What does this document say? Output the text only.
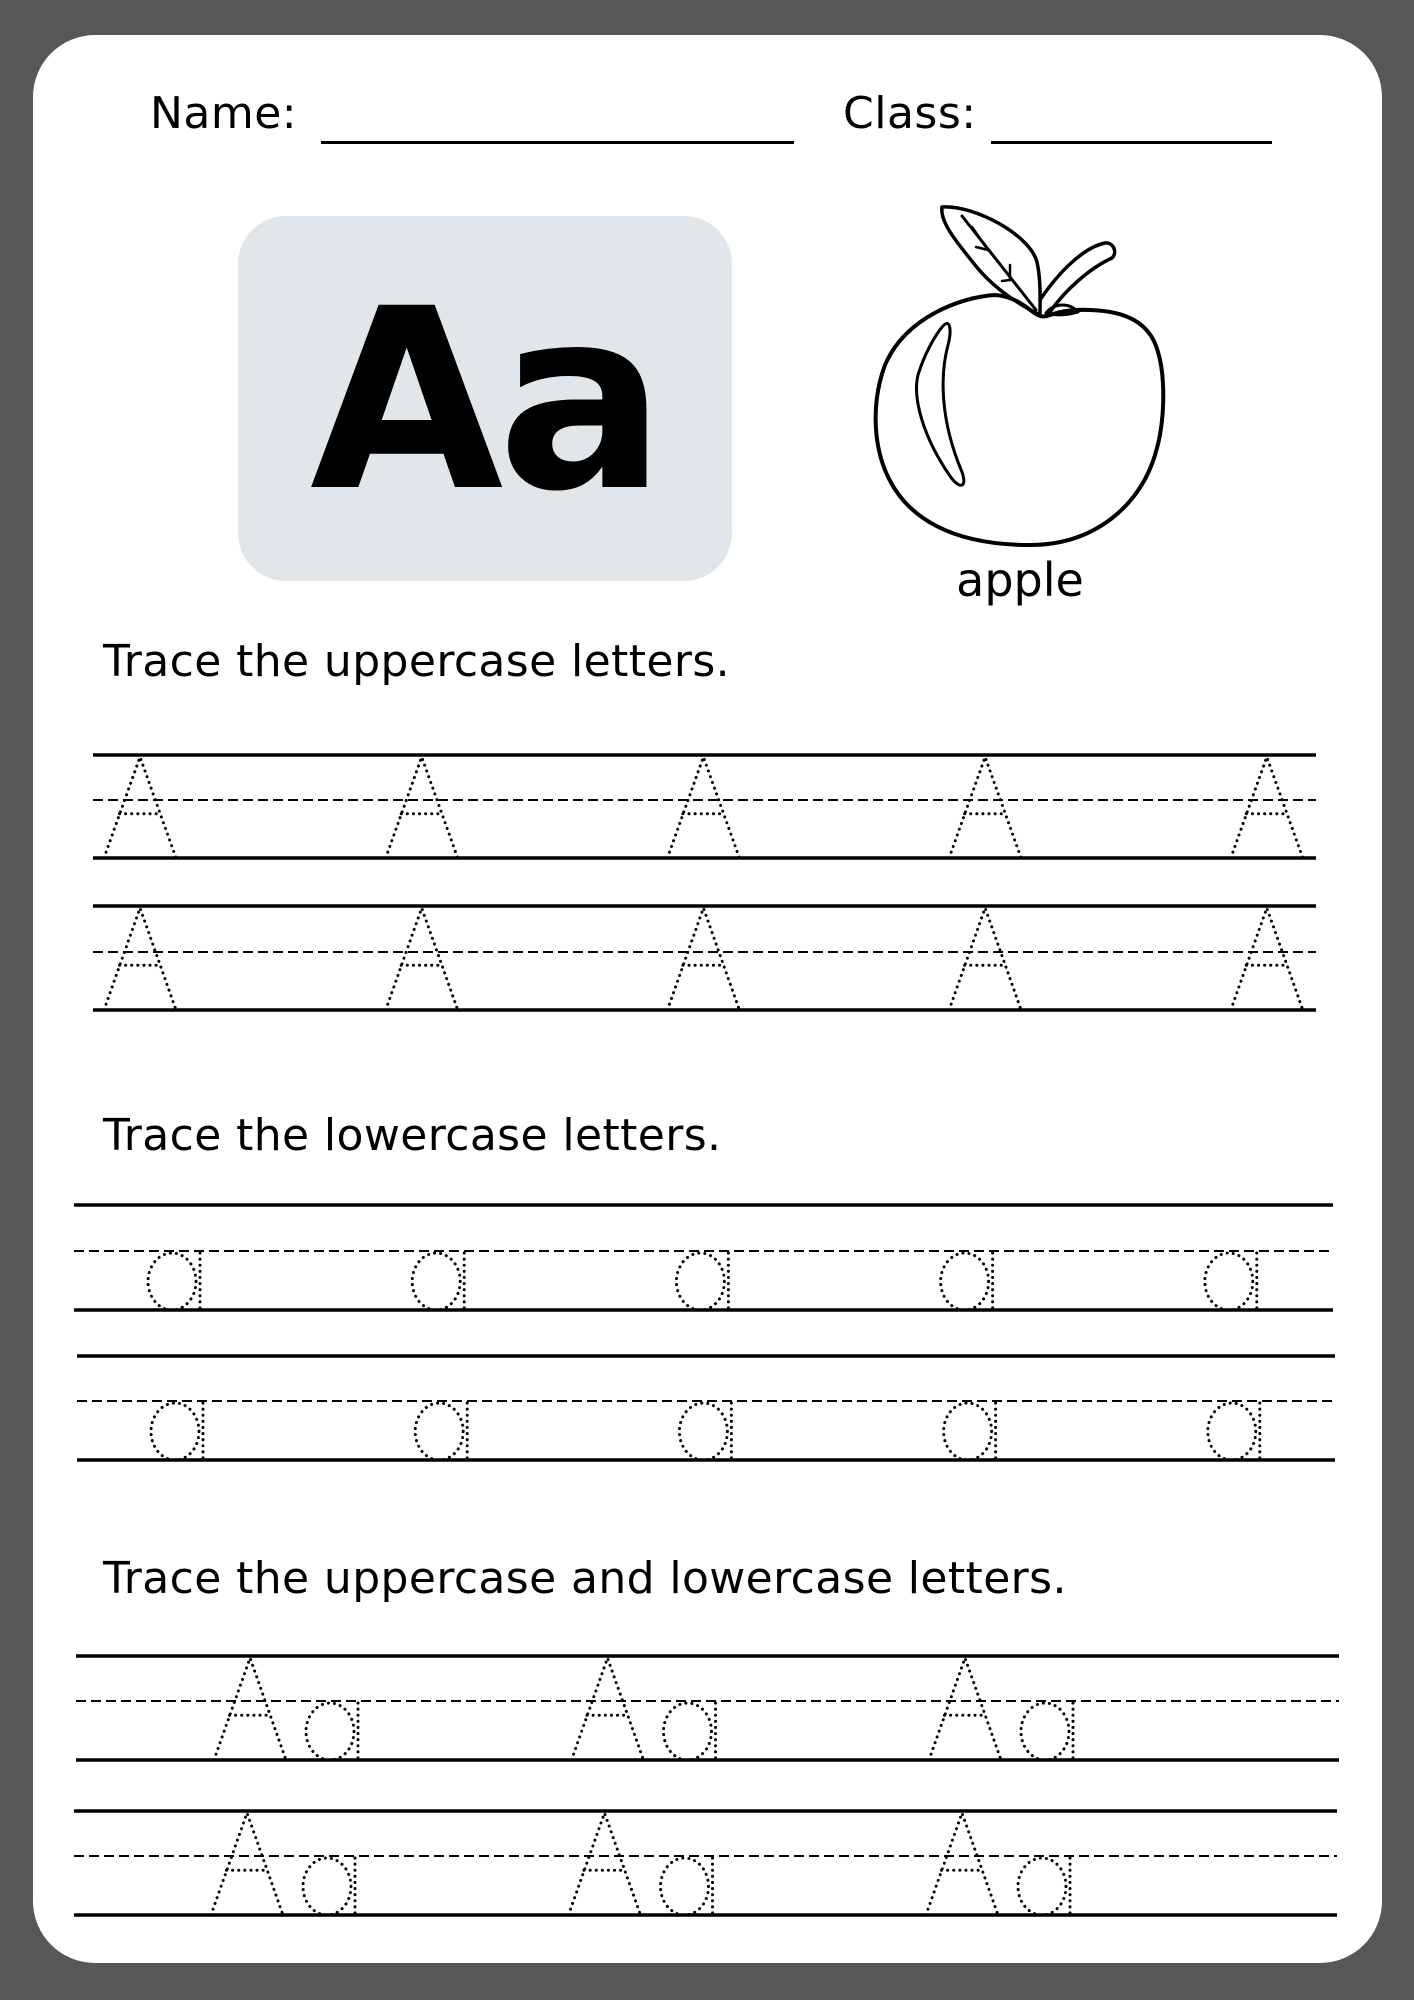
Name:	Class:
Aa
apple
Trace the uppercase letters.
Trace the lowercase letters.
Trace the uppercase and lowercase letters.
